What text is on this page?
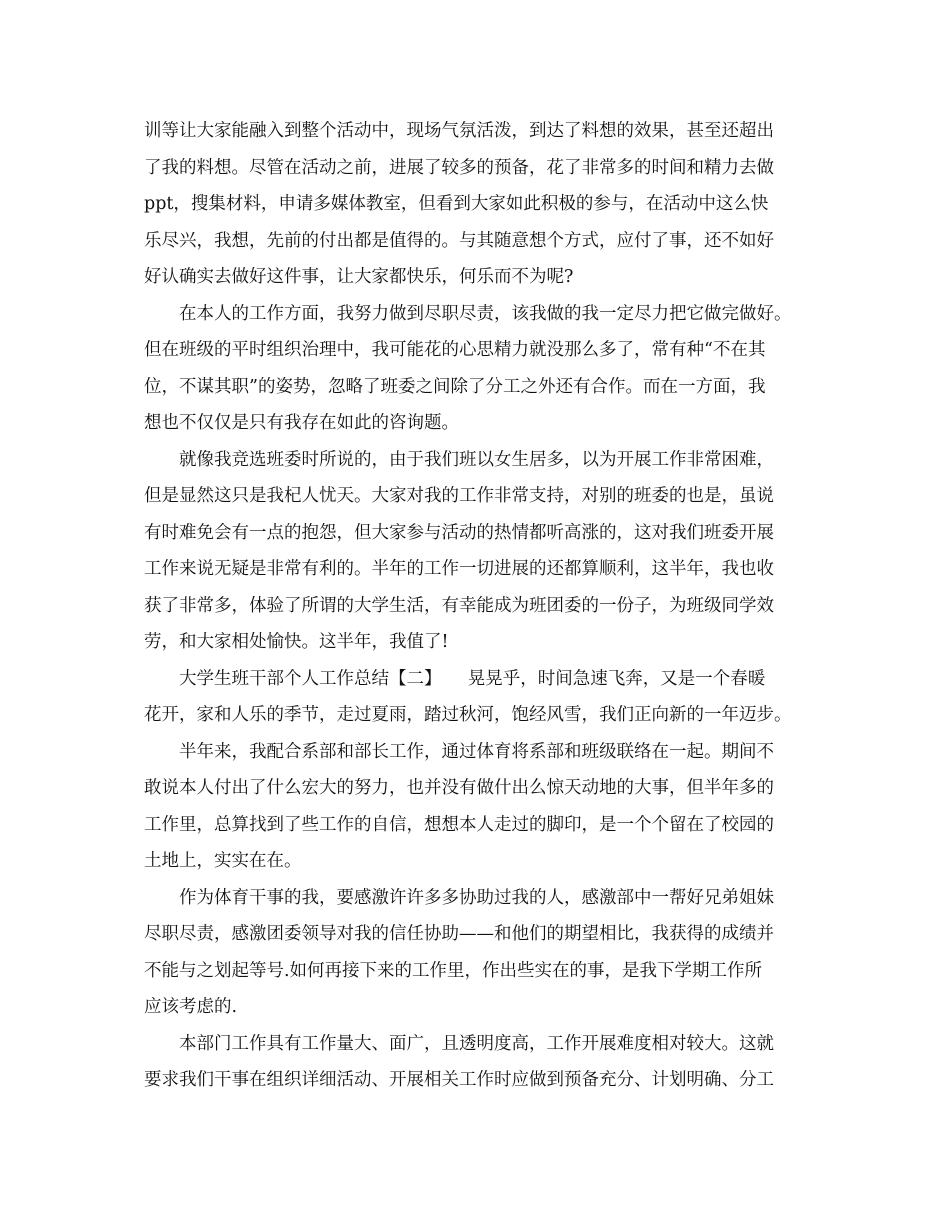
训等让大家能融入到整个活动中，现场气氛活泼，到达了料想的效果，甚至还超出
了我的料想。尽管在活动之前，进展了较多的预备，花了非常多的时间和精力去做
ppt，搜集材料，申请多媒体教室，但看到大家如此积极的参与，在活动中这么快
乐尽兴，我想，先前的付出都是值得的。与其随意想个方式，应付了事，还不如好
好认确实去做好这件事，让大家都快乐，何乐而不为呢?
在本人的工作方面，我努力做到尽职尽责，该我做的我一定尽力把它做完做好。
但在班级的平时组织治理中，我可能花的心思精力就没那么多了，常有种“不在其
位，不谋其职”的姿势，忽略了班委之间除了分工之外还有合作。而在一方面，我
想也不仅仅是只有我存在如此的咨询题。
就像我竞选班委时所说的，由于我们班以女生居多，以为开展工作非常困难，
但是显然这只是我杞人忧天。大家对我的工作非常支持，对别的班委的也是，虽说
有时难免会有一点的抱怨，但大家参与活动的热情都听高涨的，这对我们班委开展
工作来说无疑是非常有利的。半年的工作一切进展的还都算顺利，这半年，我也收
获了非常多，体验了所谓的大学生活，有幸能成为班团委的一份子，为班级同学效
劳，和大家相处愉快。这半年，我值了!
大学生班干部个人工作总结【二】　　晃晃乎，时间急速飞奔，又是一个春暖
花开，家和人乐的季节，走过夏雨，踏过秋河，饱经风雪，我们正向新的一年迈步。
半年来，我配合系部和部长工作，通过体育将系部和班级联络在一起。期间不
敢说本人付出了什么宏大的努力，也并没有做什出么惊天动地的大事，但半年多的
工作里，总算找到了些工作的自信，想想本人走过的脚印，是一个个留在了校园的
土地上，实实在在。
作为体育干事的我，要感激许许多多协助过我的人，感激部中一帮好兄弟姐妹
尽职尽责，感激团委领导对我的信任协助——和他们的期望相比，我获得的成绩并
不能与之划起等号.如何再接下来的工作里，作出些实在的事，是我下学期工作所
应该考虑的.
本部门工作具有工作量大、面广，且透明度高，工作开展难度相对较大。这就
要求我们干事在组织详细活动、开展相关工作时应做到预备充分、计划明确、分工
